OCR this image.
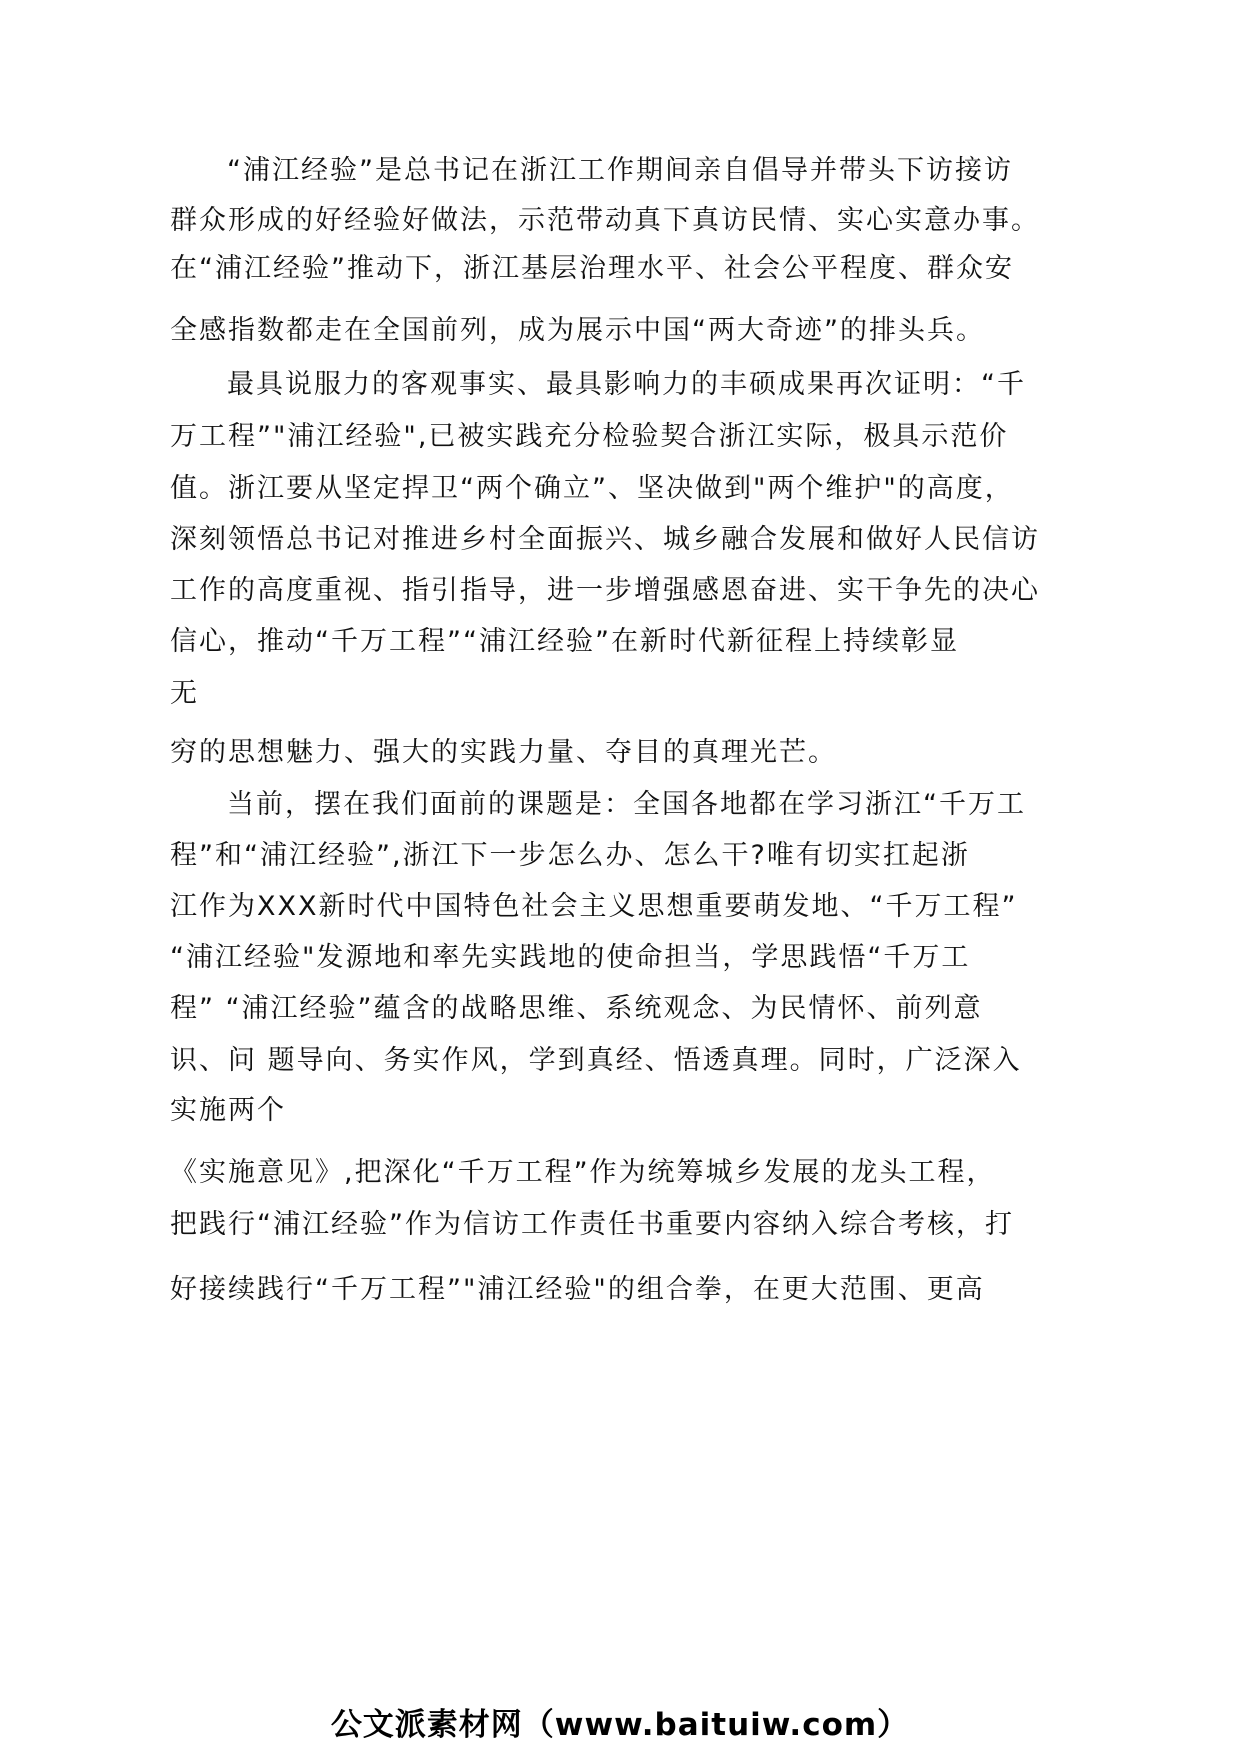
“浦江经验”是总书记在浙江工作期间亲自倡导并带头下访接访
群众形成的好经验好做法，示范带动真下真访民情、实心实意办事。
在“浦江经验”推动下，浙江基层治理水平、社会公平程度、群众安
全感指数都走在全国前列，成为展示中国“两大奇迹”的排头兵。
最具说服力的客观事实、最具影响力的丰硕成果再次证明：“千
万工程”"浦江经验",已被实践充分检验契合浙江实际，极具示范价
值。浙江要从坚定捍卫“两个确立”、坚决做到"两个维护"的高度，
深刻领悟总书记对推进乡村全面振兴、城乡融合发展和做好人民信访
工作的高度重视、指引指导，进一步增强感恩奋进、实干争先的决心
信心，推动“千万工程”“浦江经验”在新时代新征程上持续彰显
无
穷的思想魅力、强大的实践力量、夺目的真理光芒。
当前，摆在我们面前的课题是：全国各地都在学习浙江“千万工
程”和“浦江经验”,浙江下一步怎么办、怎么干?唯有切实扛起浙
江作为XXX新时代中国特色社会主义思想重要萌发地、“千万工程”
“浦江经验"发源地和率先实践地的使命担当，学思践悟“千万工
程” “浦江经验”蕴含的战略思维、系统观念、为民情怀、前列意
识、问 题导向、务实作风，学到真经、悟透真理。同时，广泛深入
实施两个
《实施意见》,把深化“千万工程”作为统筹城乡发展的龙头工程，
把践行“浦江经验”作为信访工作责任书重要内容纳入综合考核，打
好接续践行“千万工程”"浦江经验"的组合拳，在更大范围、更高
公文派素材网（www.baituiw.com）
